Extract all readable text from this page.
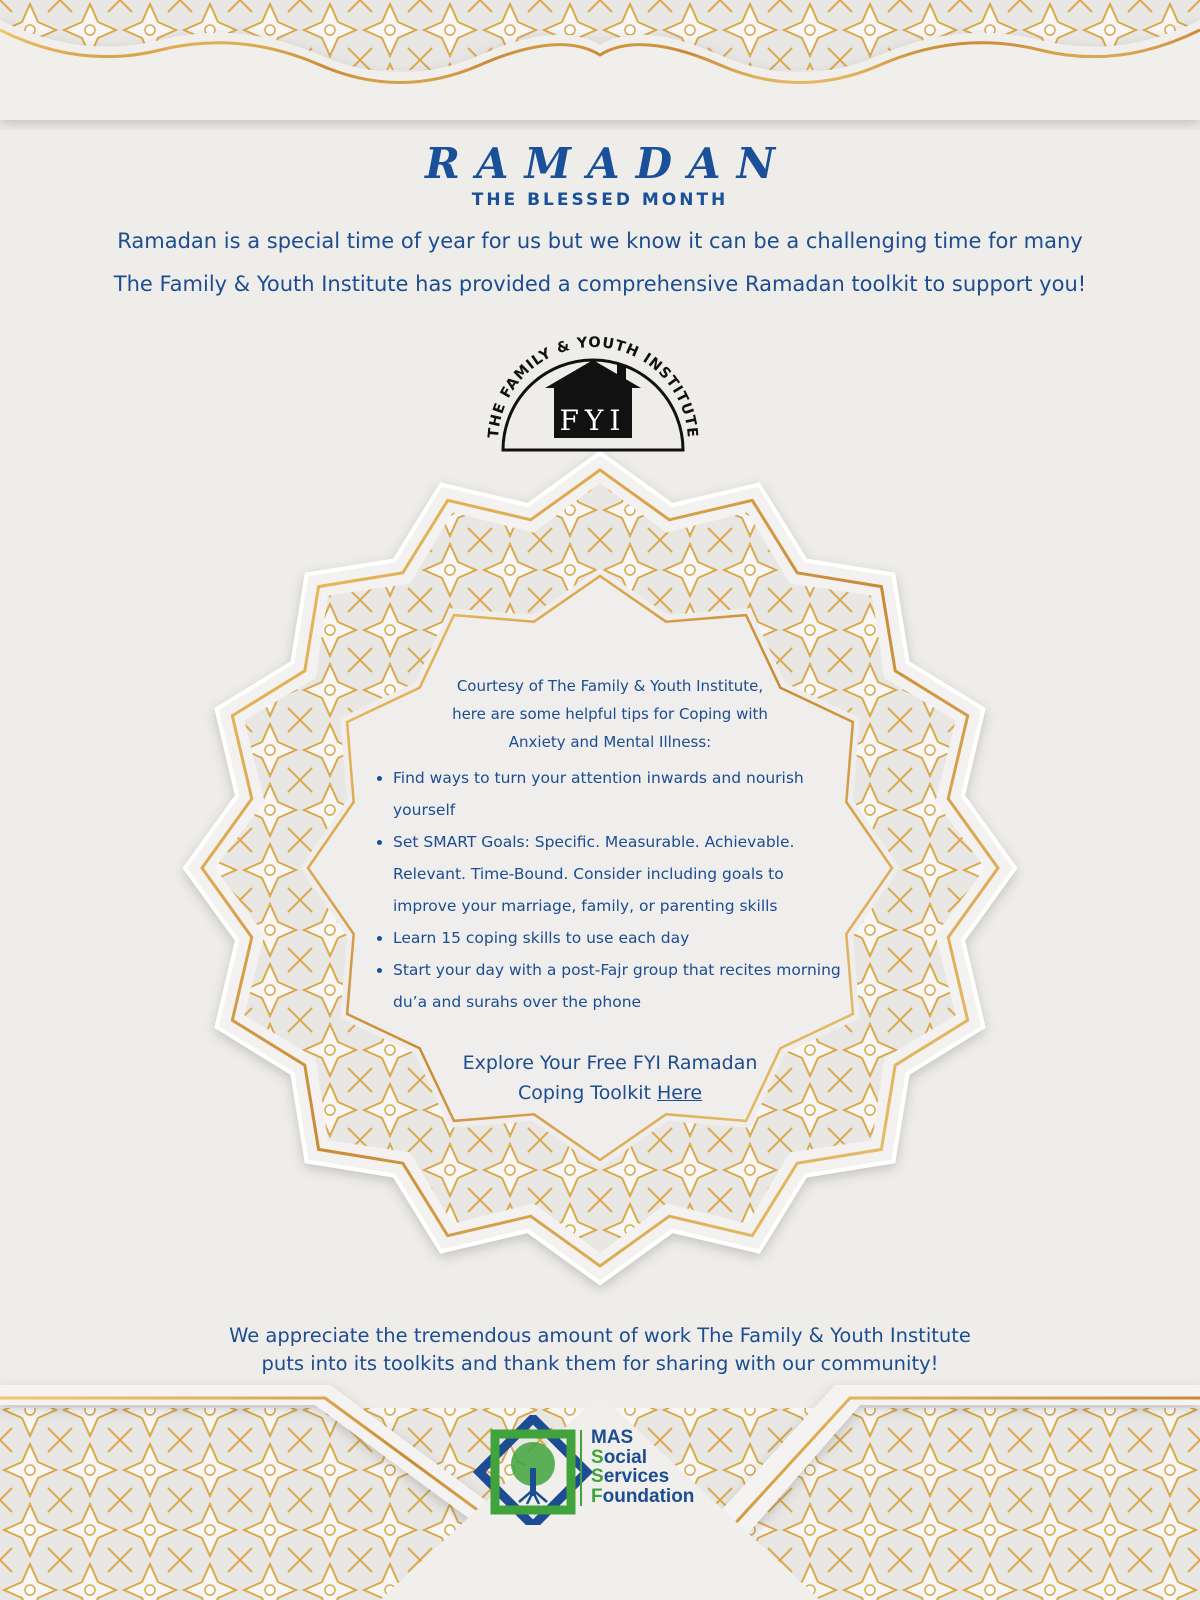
RAMADAN
THE BLESSED MONTH
Ramadan is a special time of year for us but we know it can be a challenging time for many
The Family & Youth Institute has provided a comprehensive Ramadan toolkit to support you!
THE FAMILY & YOUTH INSTITUTE
FYI

Courtesy of The Family & Youth Institute,
here are some helpful tips for Coping with
Anxiety and Mental Illness:

• Find ways to turn your attention inwards and nourish yourself
• Set SMART Goals: Specific. Measurable. Achievable. Relevant. Time-Bound. Consider including goals to improve your marriage, family, or parenting skills
• Learn 15 coping skills to use each day
• Start your day with a post-Fajr group that recites morning du’a and surahs over the phone
Explore Your Free FYI Ramadan
Coping Toolkit Here
We appreciate the tremendous amount of work The Family & Youth Institute
puts into its toolkits and thank them for sharing with our community!
MAS
Social
Services
Foundation
